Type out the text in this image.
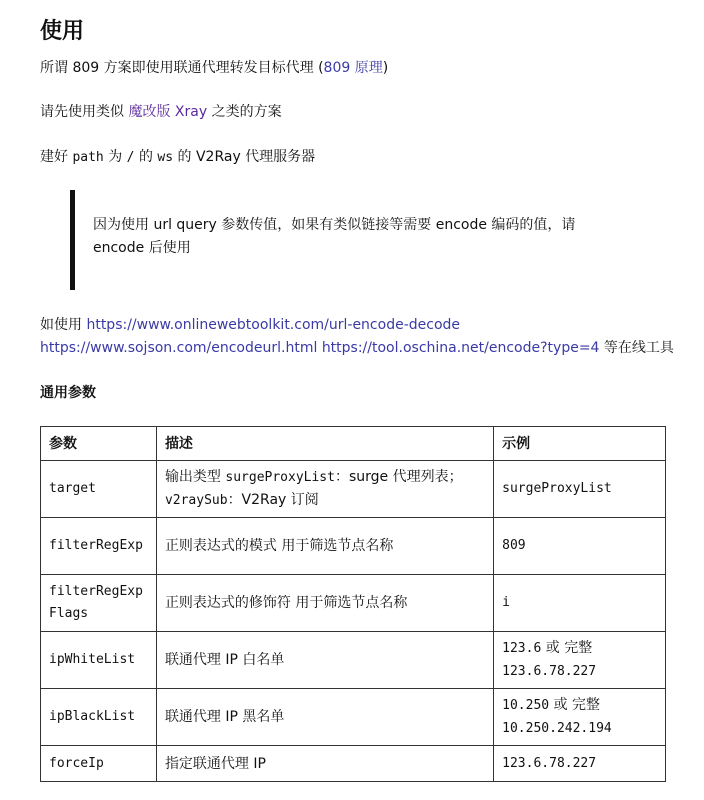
使用
所谓 809 方案即使用联通代理转发目标代理 (809 原理)
请先使用类似 魔改版 Xray 之类的方案
建好 path 为 / 的 ws 的 V2Ray 代理服务器
因为使用 url query 参数传值，如果有类似链接等需要 encode 编码的值，请 encode 后使用
如使用 https://www.onlinewebtoolkit.com/url-encode-decode
https://www.sojson.com/encodeurl.html https://tool.oschina.net/encode?type=4 等在线工具
通用参数
参数	描述	示例
target	输出类型 surgeProxyList：surge 代理列表； v2raySub：V2Ray 订阅	surgeProxyList
filterRegExp	正则表达式的模式 用于筛选节点名称	809
filterRegExpFlags	正则表达式的修饰符 用于筛选节点名称	i
ipWhiteList	联通代理 IP 白名单	123.6 或 完整
123.6.78.227
ipBlackList	联通代理 IP 黑名单	10.250 或 完整
10.250.242.194
forceIp	指定联通代理 IP	123.6.78.227
